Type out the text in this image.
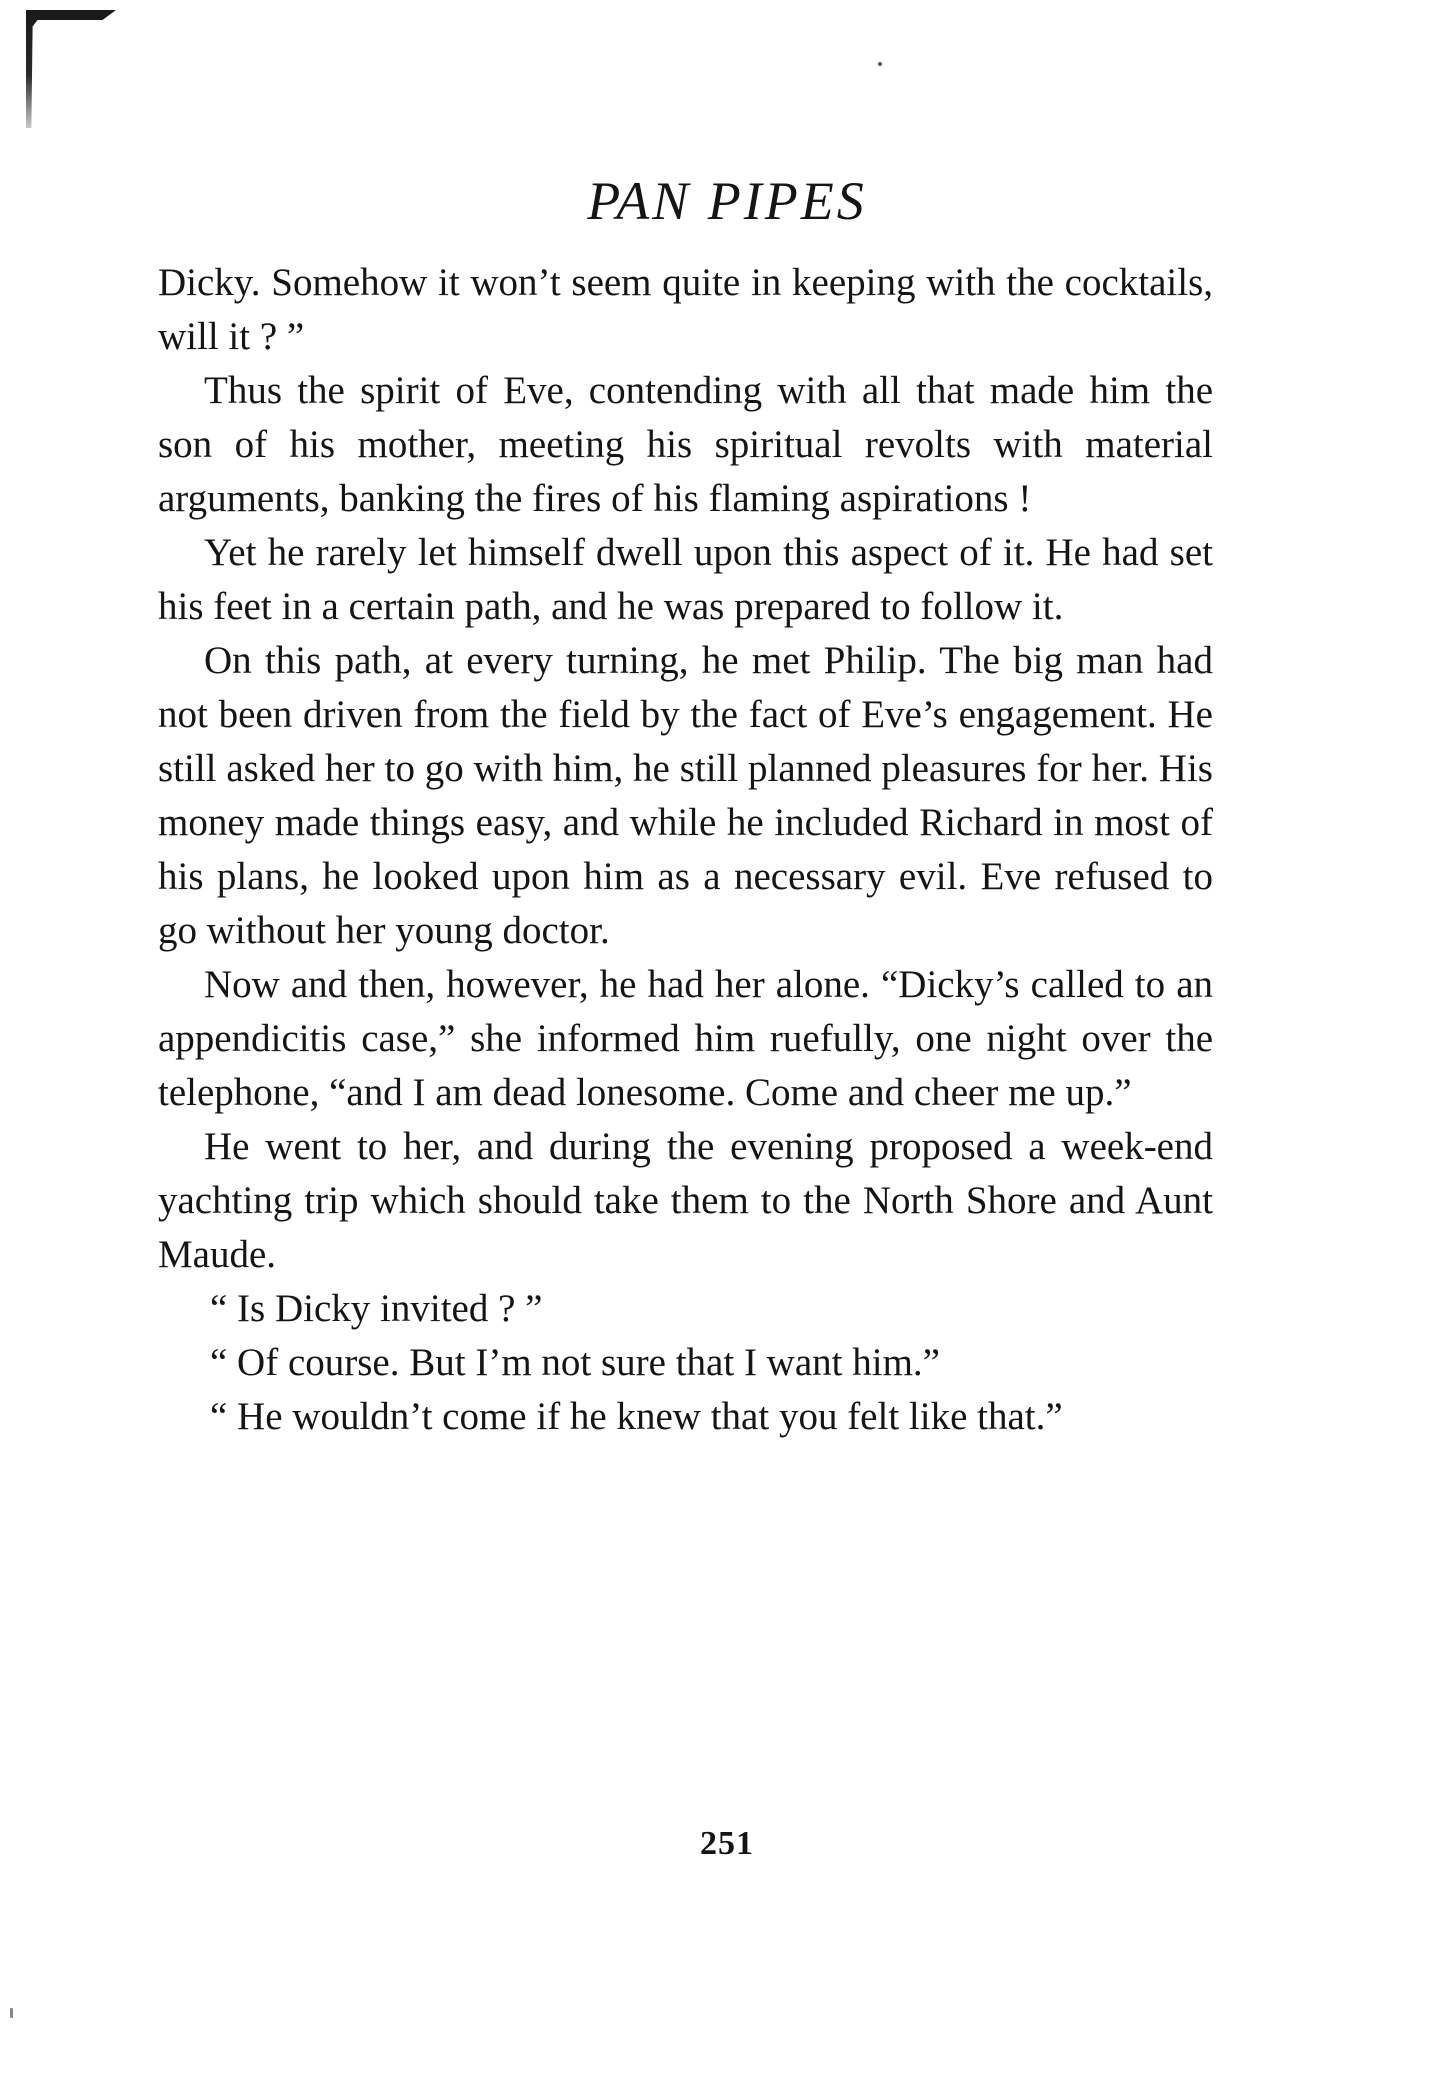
PAN PIPES

Dicky. Somehow it won’t seem quite in keeping with the cocktails, will it ? ”

Thus the spirit of Eve, contending with all that made him the son of his mother, meeting his spiritual revolts with material arguments, banking the fires of his flaming aspirations !

Yet he rarely let himself dwell upon this aspect of it. He had set his feet in a certain path, and he was prepared to follow it.

On this path, at every turning, he met Philip. The big man had not been driven from the field by the fact of Eve’s engagement. He still asked her to go with him, he still planned pleasures for her. His money made things easy, and while he included Richard in most of his plans, he looked upon him as a necessary evil. Eve refused to go without her young doctor.

Now and then, however, he had her alone. “Dicky’s called to an appendicitis case,” she informed him ruefully, one night over the telephone, “and I am dead lonesome. Come and cheer me up.”

He went to her, and during the evening proposed a week-end yachting trip which should take them to the North Shore and Aunt Maude.

“ Is Dicky invited ? ”

“ Of course. But I’m not sure that I want him.”

“ He wouldn’t come if he knew that you felt like that.”

251
